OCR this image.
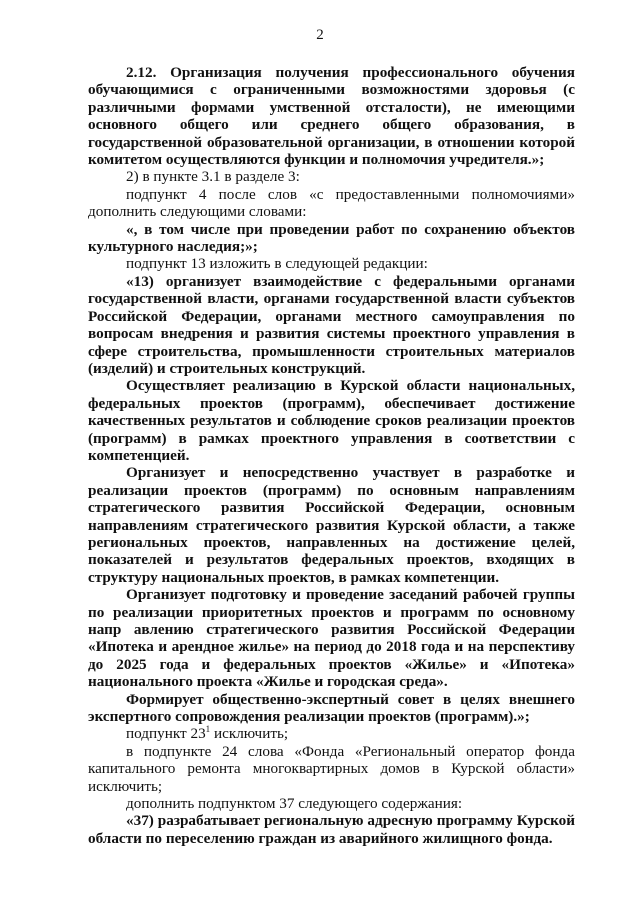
2

2.12. Организация получения профессионального обучения обучающимися с ограниченными возможностями здоровья (с различными формами умственной отсталости), не имеющими основного общего или среднего общего образования, в государственной образовательной организации, в отношении которой комитетом осуществляются функции и полномочия учредителя.»;

2) в пункте 3.1 в разделе 3:

подпункт 4 после слов «с предоставленными полномочиями» дополнить следующими словами:

«, в том числе при проведении работ по сохранению объектов культурного наследия;»;

подпункт 13 изложить в следующей редакции:

«13) организует взаимодействие с федеральными органами государственной власти, органами государственной власти субъектов Российской Федерации, органами местного самоуправления по вопросам внедрения и развития системы проектного управления в сфере строительства, промышленности строительных материалов (изделий) и строительных конструкций.

Осуществляет реализацию в Курской области национальных, федеральных проектов (программ), обеспечивает достижение качественных результатов и соблюдение сроков реализации проектов (программ) в рамках проектного управления в соответствии с компетенцией.

Организует и непосредственно участвует в разработке и реализации проектов (программ) по основным направлениям стратегического развития Российской Федерации, основным направлениям стратегического развития Курской области, а также региональных проектов, направленных на достижение целей, показателей и результатов федеральных проектов, входящих в структуру национальных проектов, в рамках компетенции.

Организует подготовку и проведение заседаний рабочей группы по реализации приоритетных проектов и программ по основному напр авлению стратегического развития Российской Федерации «Ипотека и арендное жилье» на период до 2018 года и на перспективу до 2025 года и федеральных проектов «Жилье» и «Ипотека» национального проекта «Жилье и городская среда».

Формирует общественно-экспертный совет в целях внешнего экспертного сопровождения реализации проектов (программ).»;

подпункт 23$^1$ исключить;

в подпункте 24 слова «Фонда «Региональный оператор фонда капитального ремонта многоквартирных домов в Курской области» исключить;

дополнить подпунктом 37 следующего содержания:

«37) разрабатывает региональную адресную программу Курской области по переселению граждан из аварийного жилищного фонда.
